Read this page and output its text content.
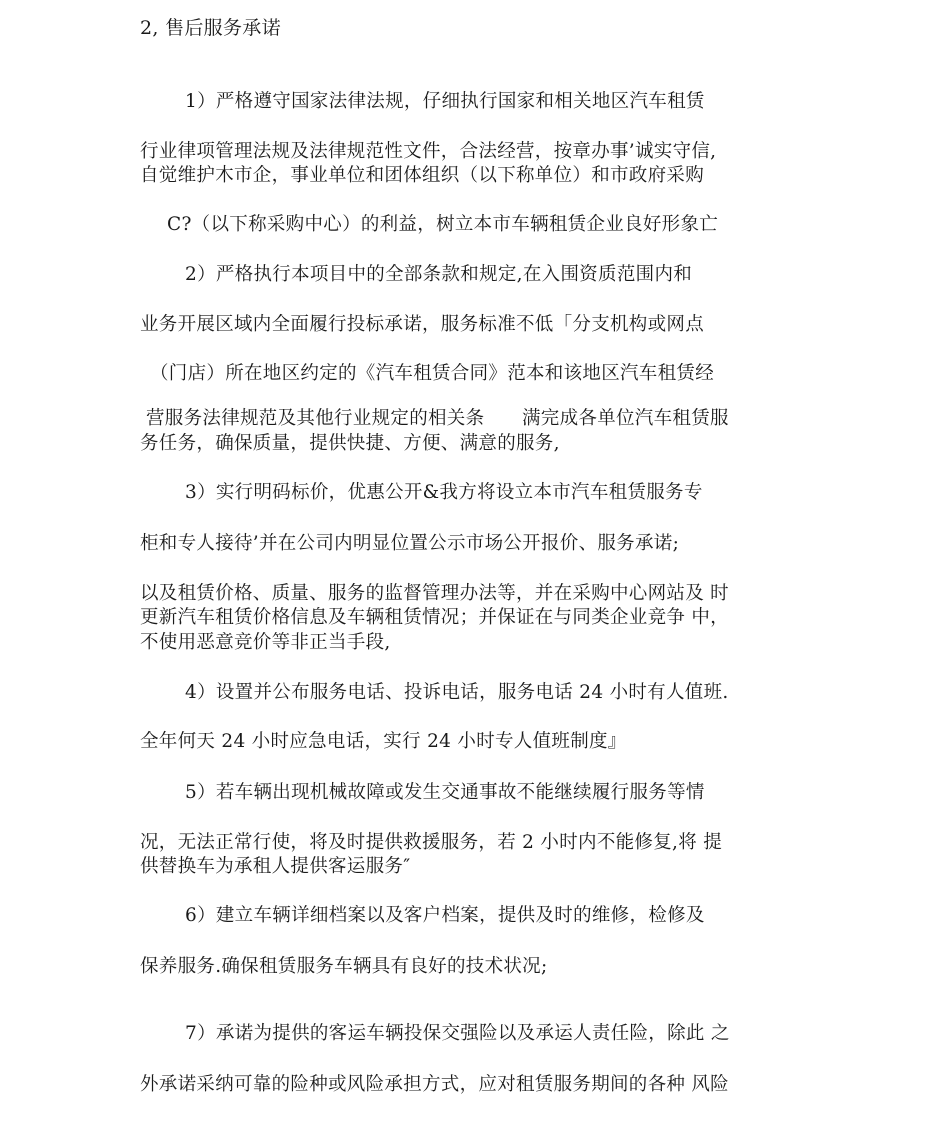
2, 售后服务承诺
1）严格遵守国家法律法规，仔细执行国家和相关地区汽车租赁
行业律项管理法规及法律规范性文件，合法经营，按章办事’诚实守信,
自觉维护木市企，事业单位和团体组织（以下称单位）和市政府采购
C?（以下称采购中心）的利益，树立本市车辆租赁企业良好形象亡
2）严格执行本项目中的全部条款和规定,在入围资质范围内和
业务开展区域内全面履行投标承诺，服务标准不低「分支机构或网点
（门店）所在地区约定的《汽车租赁合同》范本和该地区汽车租赁经
营服务法律规范及其他行业规定的相关条　　满完成各单位汽车租赁服
务任务，确保质量，提供快捷、方便、满意的服务,
3）实行明码标价，优惠公开&我方将设立本市汽车租赁服务专
柜和专人接待’并在公司内明显位置公示市场公开报价、服务承诺;
以及租赁价格、质量、服务的监督管理办法等，并在采购中心网站及 时
更新汽车租赁价格信息及车辆租赁情况；并保证在与同类企业竞争 中，
不使用恶意竞价等非正当手段,
4）设置并公布服务电话、投诉电话，服务电话 24 小时有人值班.
全年何天 24 小时应急电话，实行 24 小时专人值班制度』
5）若车辆出现机械故障或发生交通事故不能继续履行服务等情
况，无法正常行使，将及时提供救援服务，若 2 小时内不能修复,将 提
供替换车为承租人提供客运服务″
6）建立车辆详细档案以及客户档案，提供及时的维修，检修及
保养服务.确保租赁服务车辆具有良好的技术状况;
7）承诺为提供的客运车辆投保交强险以及承运人责任险，除此 之
外承诺采纳可靠的险种或风险承担方式，应对租赁服务期间的各种 风险
